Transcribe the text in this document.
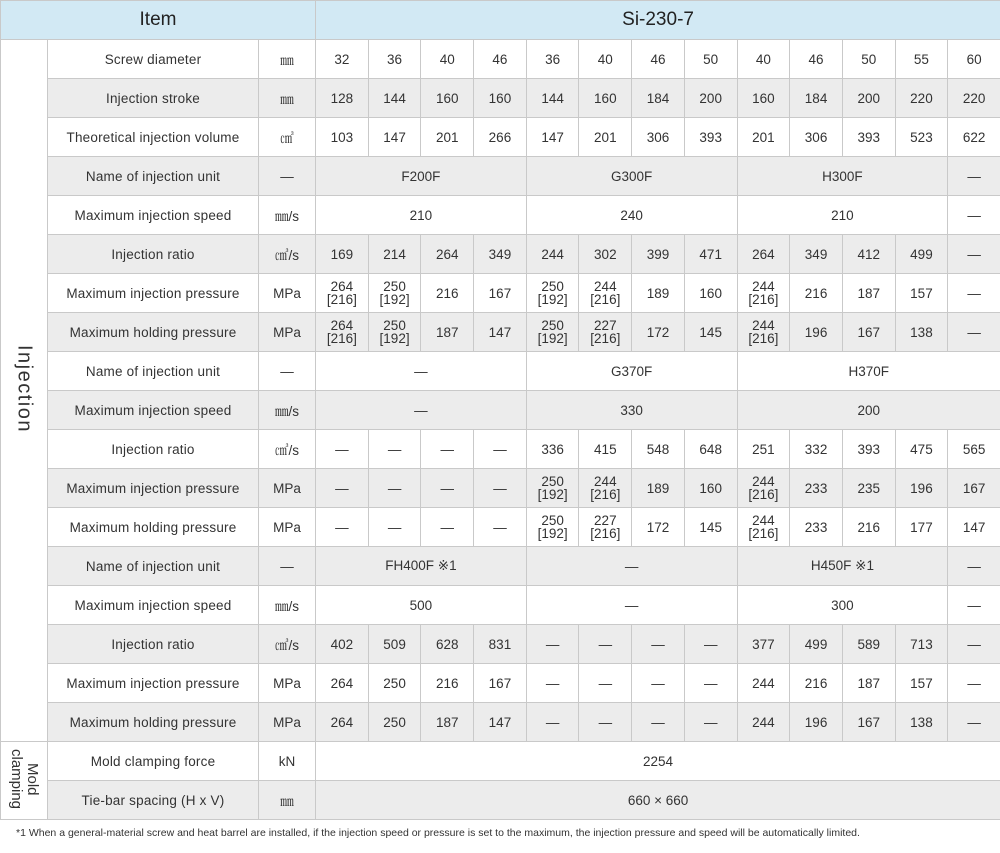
Item			Si-230-7												
Injection	Screw diameter	㎜	32	36	40	46	36	40	46	50	40	46	50	55	60
	Injection stroke	㎜	128	144	160	160	144	160	184	200	160	184	200	220	220
	Theoretical injection volume	㎤	103	147	201	266	147	201	306	393	201	306	393	523	622
	Name of injection unit	—	F200F				G300F				H300F				—
	Maximum injection speed	㎜/s	210				240				210				—
	Injection ratio	㎤/s	169	214	264	349	244	302	399	471	264	349	412	499	—
	Maximum injection pressure	MPa	264
[216]	250
[192]	216	167	250
[192]	244
[216]	189	160	244
[216]	216	187	157	—
	Maximum holding pressure	MPa	264
[216]	250
[192]	187	147	250
[192]	227
[216]	172	145	244
[216]	196	167	138	—
	Name of injection unit	—	—				G370F				H370F				
	Maximum injection speed	㎜/s	—				330				200				
	Injection ratio	㎤/s	—	—	—	—	336	415	548	648	251	332	393	475	565
	Maximum injection pressure	MPa	—	—	—	—	250
[192]	244
[216]	189	160	244
[216]	233	235	196	167
	Maximum holding pressure	MPa	—	—	—	—	250
[192]	227
[216]	172	145	244
[216]	233	216	177	147
	Name of injection unit	—	FH400F ※1				—				H450F ※1				—
	Maximum injection speed	㎜/s	500				—				300				—
	Injection ratio	㎤/s	402	509	628	831	—	—	—	—	377	499	589	713	—
	Maximum injection pressure	MPa	264	250	216	167	—	—	—	—	244	216	187	157	—
	Maximum holding pressure	MPa	264	250	187	147	—	—	—	—	244	196	167	138	—
Mold clamping	Mold clamping force	kN	2254												
	Tie-bar spacing (H x V)	㎜	660 × 660												
*1 When a general-material screw and heat barrel are installed, if the injection speed or pressure is set to the maximum, the injection pressure and speed will be automatically limited.
